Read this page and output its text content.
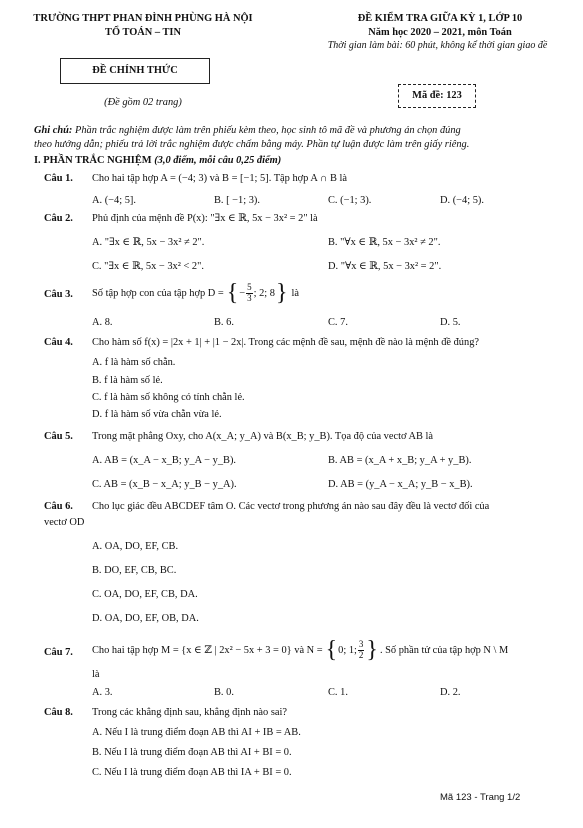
TRƯỜNG THPT PHAN ĐÌNH PHÙNG HÀ NỘI
TỔ TOÁN – TIN
ĐỀ CHÍNH THỨC
(Đề gồm 02 trang)
ĐỀ KIỂM TRA GIỮA KỲ 1, LỚP 10
Năm học 2020 – 2021, môn Toán
Thời gian làm bài: 60 phút, không kể thời gian giao đề
Mã đề: 123
Ghi chú: Phần trắc nghiệm được làm trên phiếu kèm theo, học sinh tô mã đề và phương án chọn đúng
theo hướng dẫn; phiếu trả lời trắc nghiệm được chấm bằng máy. Phần tự luận được làm trên giấy riêng.
I. PHẦN TRẮC NGHIỆM (3,0 điểm, mỗi câu 0,25 điểm)
Câu 1. Cho hai tập hợp A = (−4; 3) và B = [−1; 5]. Tập hợp A ∩ B là
A. (−4; 5].	B. [ −1; 3).	C. (−1; 3).	D. (−4; 5).
Câu 2. Phủ định của mệnh đề P(x): "∃x ∈ ℝ, 5x − 3x² = 2" là
A. "∃x ∈ ℝ, 5x − 3x² ≠ 2".	B. "∀x ∈ ℝ, 5x − 3x² ≠ 2".
C. "∃x ∈ ℝ, 5x − 3x² < 2".	D. "∀x ∈ ℝ, 5x − 3x² = 2".
Câu 3. Số tập hợp con của tập hợp D = { − $\frac{5}{3}$ ; 2; 8 } là
A. 8.	B. 6.	C. 7.	D. 5.
Câu 4. Cho hàm số f(x) = |2x + 1| + |1 − 2x|. Trong các mệnh đề sau, mệnh đề nào là mệnh đề đúng?
A. f là hàm số chẵn.
B. f là hàm số lẻ.
C. f là hàm số không có tính chẵn lẻ.
D. f là hàm số vừa chẵn vừa lẻ.
Câu 5. Trong mặt phẳng Oxy, cho A(x_A; y_A) và B(x_B; y_B). Tọa độ của vectơ AB là
A. AB = (x_A − x_B; y_A − y_B).	B. AB = (x_A + x_B; y_A + y_B).
C. AB = (x_B − x_A; y_B − y_A).	D. AB = (y_A − x_A; y_B − x_B).
Câu 6. Cho lục giác đều ABCDEF tâm O. Các vectơ trong phương án nào sau đây đều là vectơ đối của
vectơ OD
A. OA, DO, EF, CB.
B. DO, EF, CB, BC.
C. OA, DO, EF, CB, DA.
D. OA, DO, EF, OB, DA.
Câu 7. Cho hai tập hợp M = {x ∈ ℤ | 2x² − 5x + 3 = 0} và N = { 0; 1; $\frac{3}{2}$ } . Số phần tử của tập hợp N \ M
là
A. 3.	B. 0.	C. 1.	D. 2.
Câu 8. Trong các khẳng định sau, khẳng định nào sai?
A. Nếu I là trung điểm đoạn AB thì AI + IB = AB.
B. Nếu I là trung điểm đoạn AB thì AI + BI = 0.
C. Nếu I là trung điểm đoạn AB thì IA + BI = 0.
Mã 123 - Trang 1/2
